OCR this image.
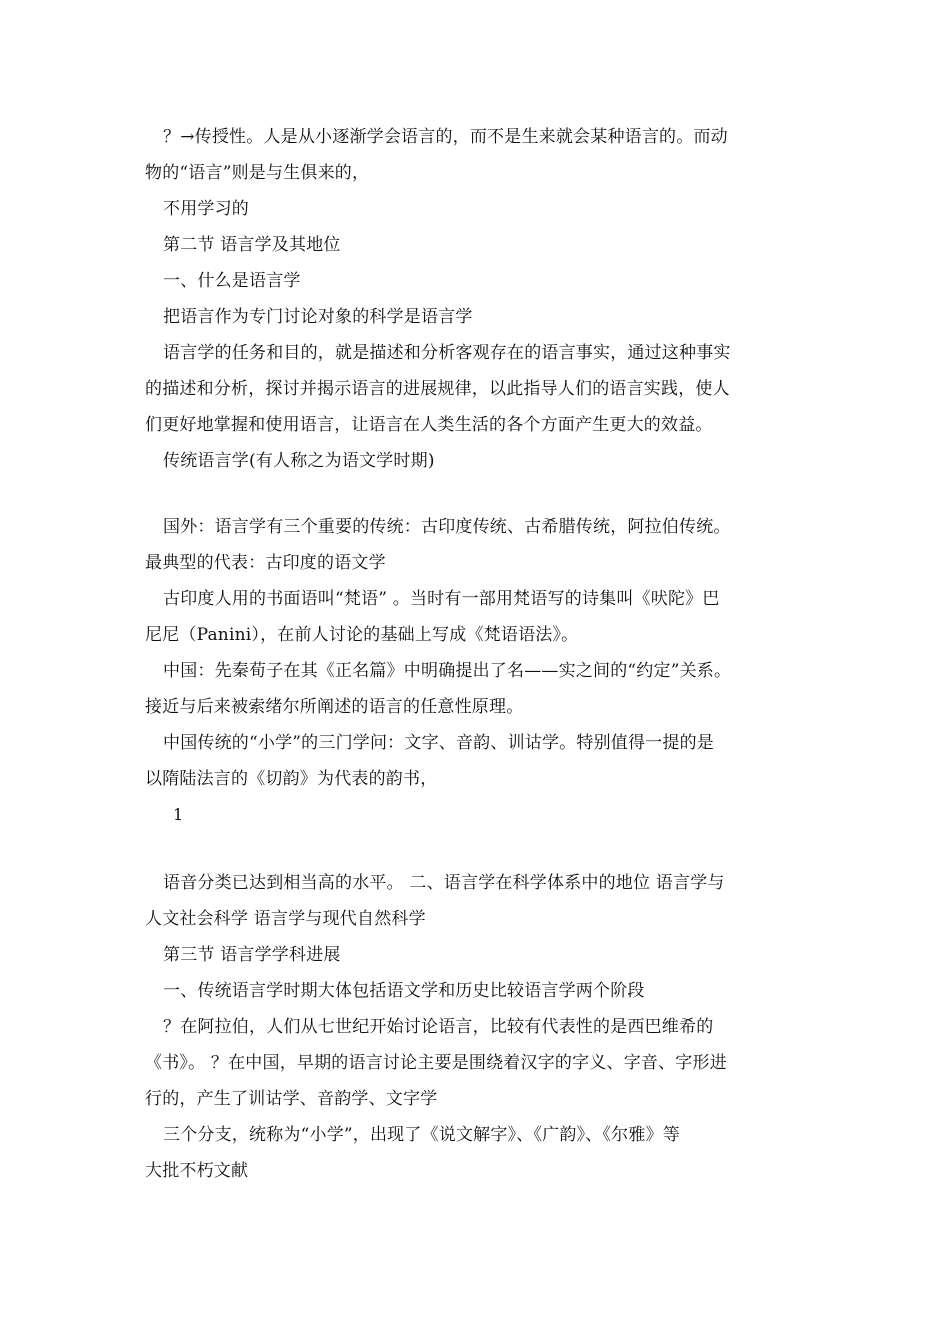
？→传授性。人是从小逐渐学会语言的，而不是生来就会某种语言的。而动
物的“语言”则是与生俱来的，
不用学习的
第二节 语言学及其地位
一、什么是语言学
把语言作为专门讨论对象的科学是语言学
语言学的任务和目的，就是描述和分析客观存在的语言事实，通过这种事实
的描述和分析，探讨并揭示语言的进展规律，以此指导人们的语言实践，使人
们更好地掌握和使用语言，让语言在人类生活的各个方面产生更大的效益。
传统语言学(有人称之为语文学时期)
国外：语言学有三个重要的传统：古印度传统、古希腊传统，阿拉伯传统。
最典型的代表：古印度的语文学
古印度人用的书面语叫“梵语” 。当时有一部用梵语写的诗集叫《吠陀》巴
尼尼（Panini），在前人讨论的基础上写成《梵语语法》。
中国：先秦荀子在其《正名篇》中明确提出了名——实之间的“约定”关系。
接近与后来被索绪尔所阐述的语言的任意性原理。
中国传统的“小学”的三门学问：文字、音韵、训诂学。特别值得一提的是
以隋陆法言的《切韵》为代表的韵书，
1
语音分类已达到相当高的水平。 二、语言学在科学体系中的地位 语言学与
人文社会科学 语言学与现代自然科学
第三节 语言学学科进展
一、传统语言学时期大体包括语文学和历史比较语言学两个阶段
？在阿拉伯，人们从七世纪开始讨论语言，比较有代表性的是西巴维希的
《书》。 ？在中国，早期的语言讨论主要是围绕着汉字的字义、字音、字形进
行的，产生了训诂学、音韵学、文字学
三个分支，统称为“小学”，出现了《说文解字》、《广韵》、《尔雅》等
大批不朽文献
